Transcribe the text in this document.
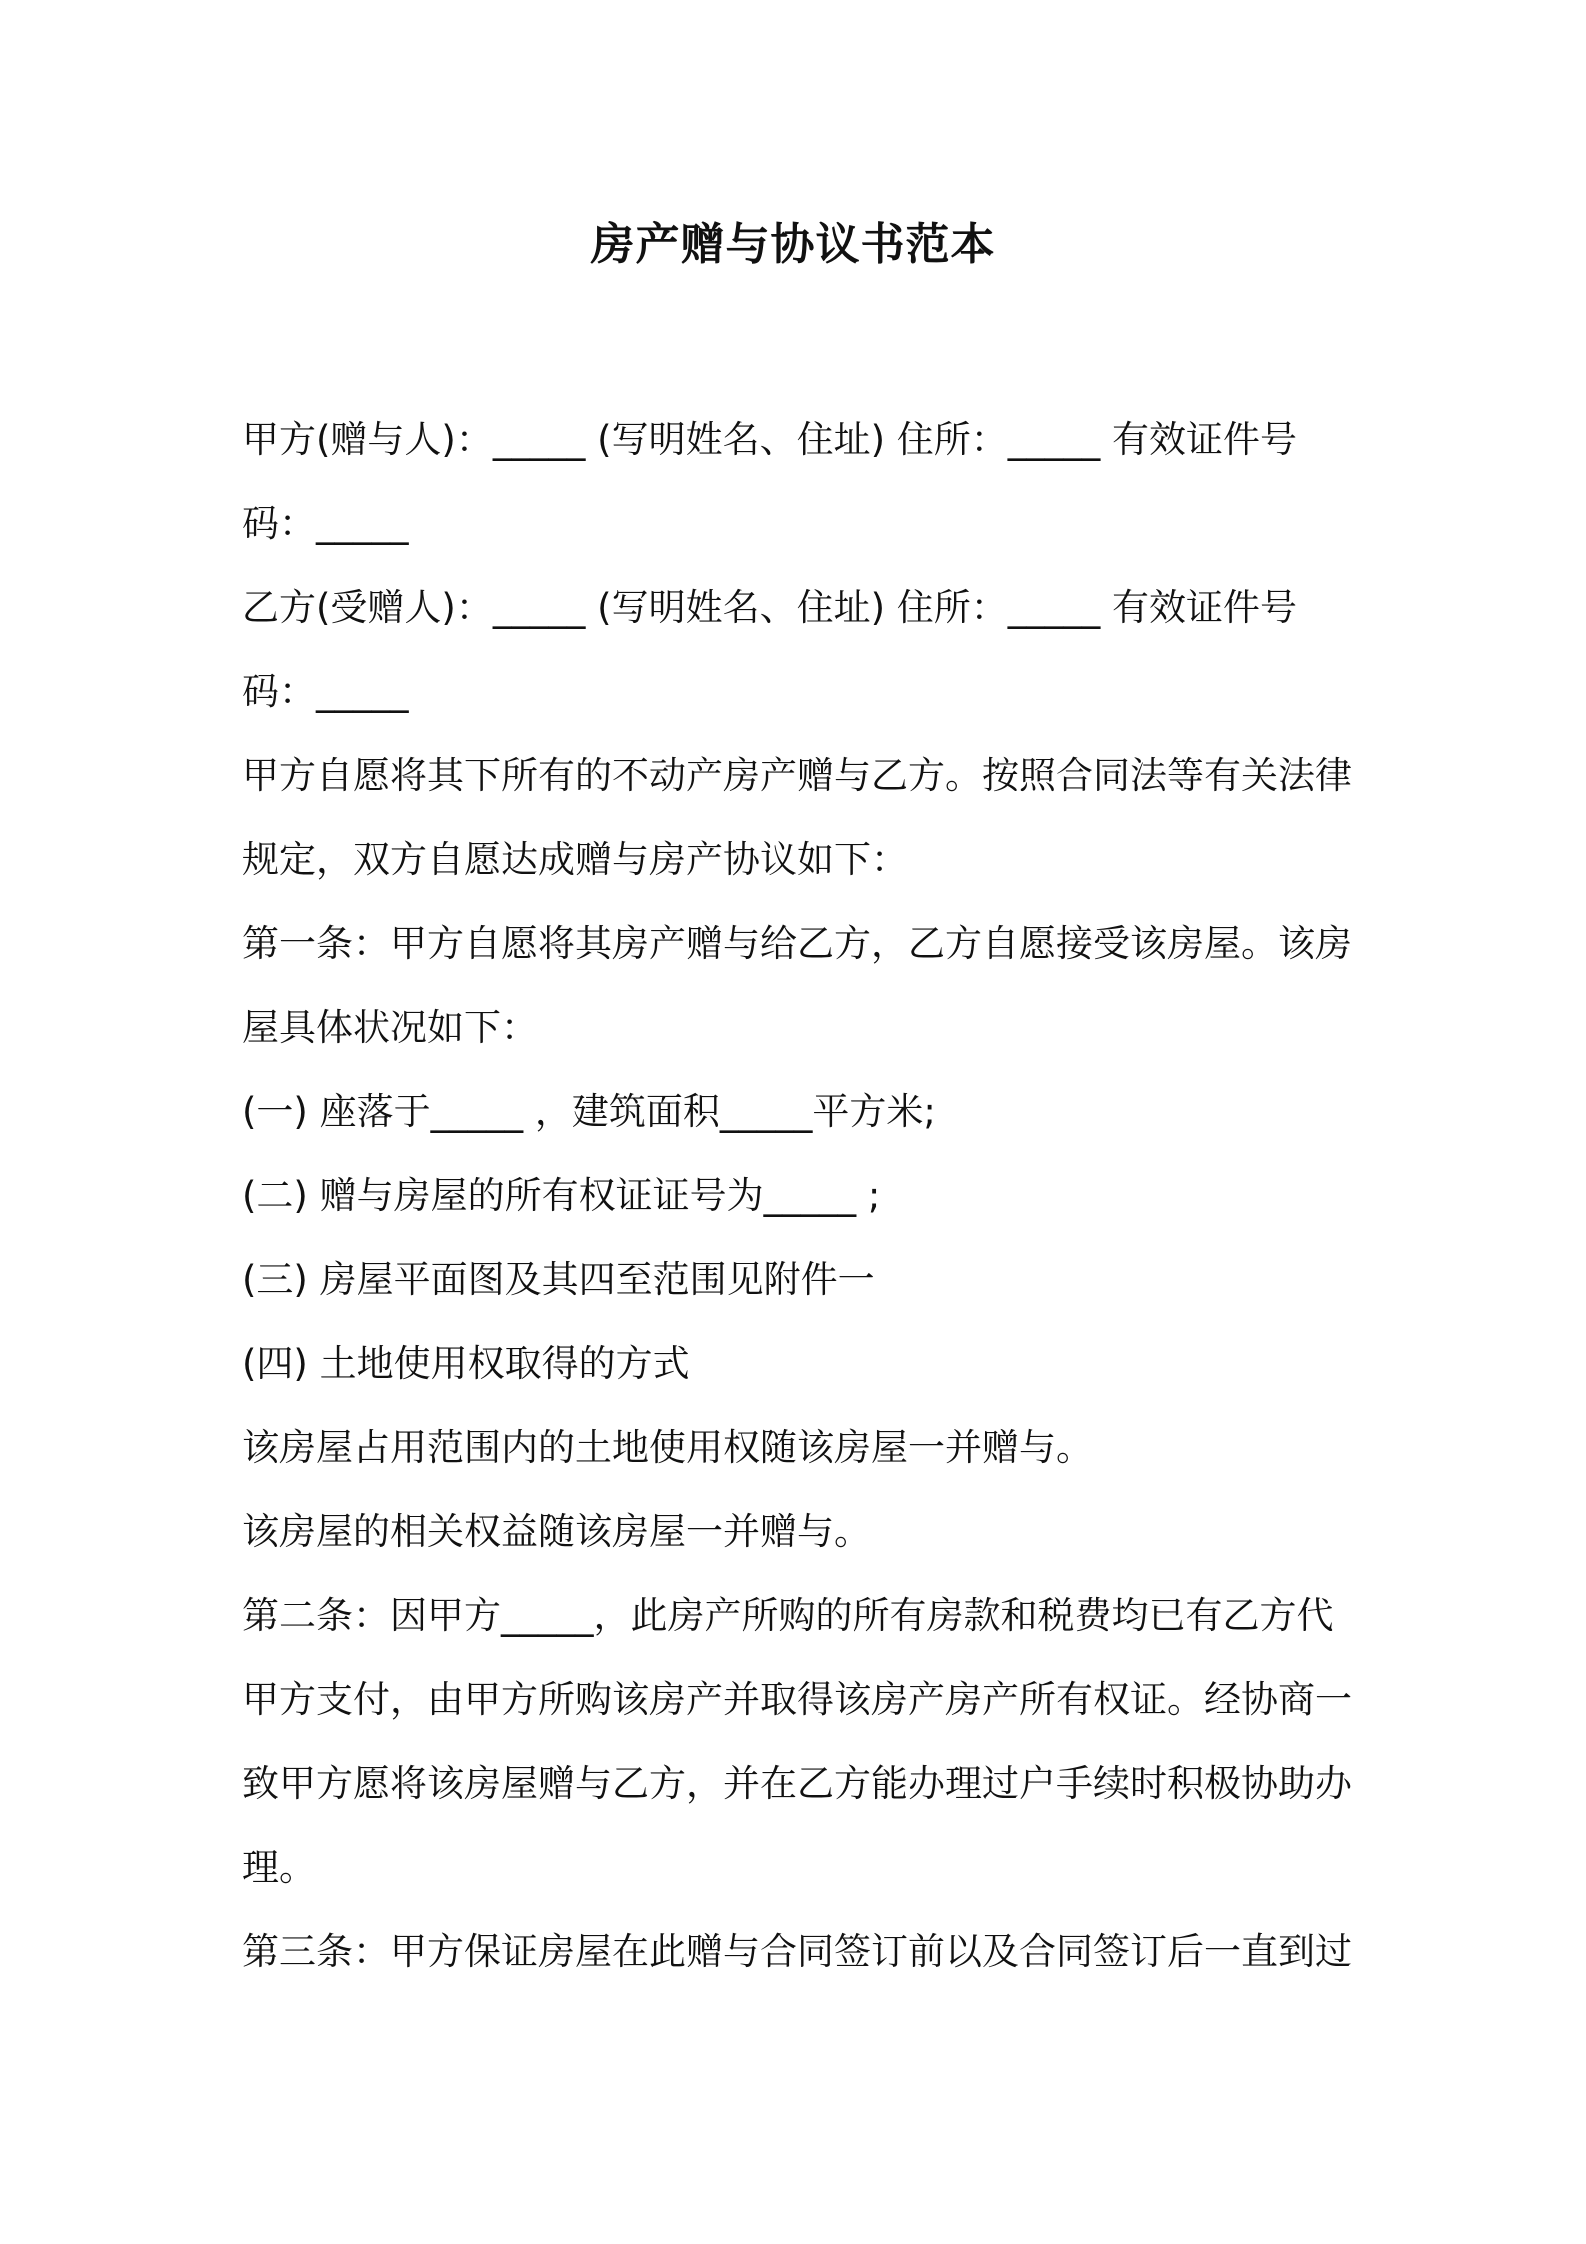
房产赠与协议书范本
甲方(赠与人)：_____ (写明姓名、住址) 住所：_____ 有效证件号
码：_____
乙方(受赠人)：_____ (写明姓名、住址) 住所：_____ 有效证件号
码：_____
甲方自愿将其下所有的不动产房产赠与乙方。按照合同法等有关法律
规定，双方自愿达成赠与房产协议如下：
第一条：甲方自愿将其房产赠与给乙方，乙方自愿接受该房屋。该房
屋具体状况如下：
(一) 座落于_____ ，建筑面积_____平方米;
(二) 赠与房屋的所有权证证号为_____ ;
(三) 房屋平面图及其四至范围见附件一
(四) 土地使用权取得的方式
该房屋占用范围内的土地使用权随该房屋一并赠与。
该房屋的相关权益随该房屋一并赠与。
第二条：因甲方_____，此房产所购的所有房款和税费均已有乙方代
甲方支付，由甲方所购该房产并取得该房产房产所有权证。经协商一
致甲方愿将该房屋赠与乙方，并在乙方能办理过户手续时积极协助办
理。
第三条：甲方保证房屋在此赠与合同签订前以及合同签订后一直到过
